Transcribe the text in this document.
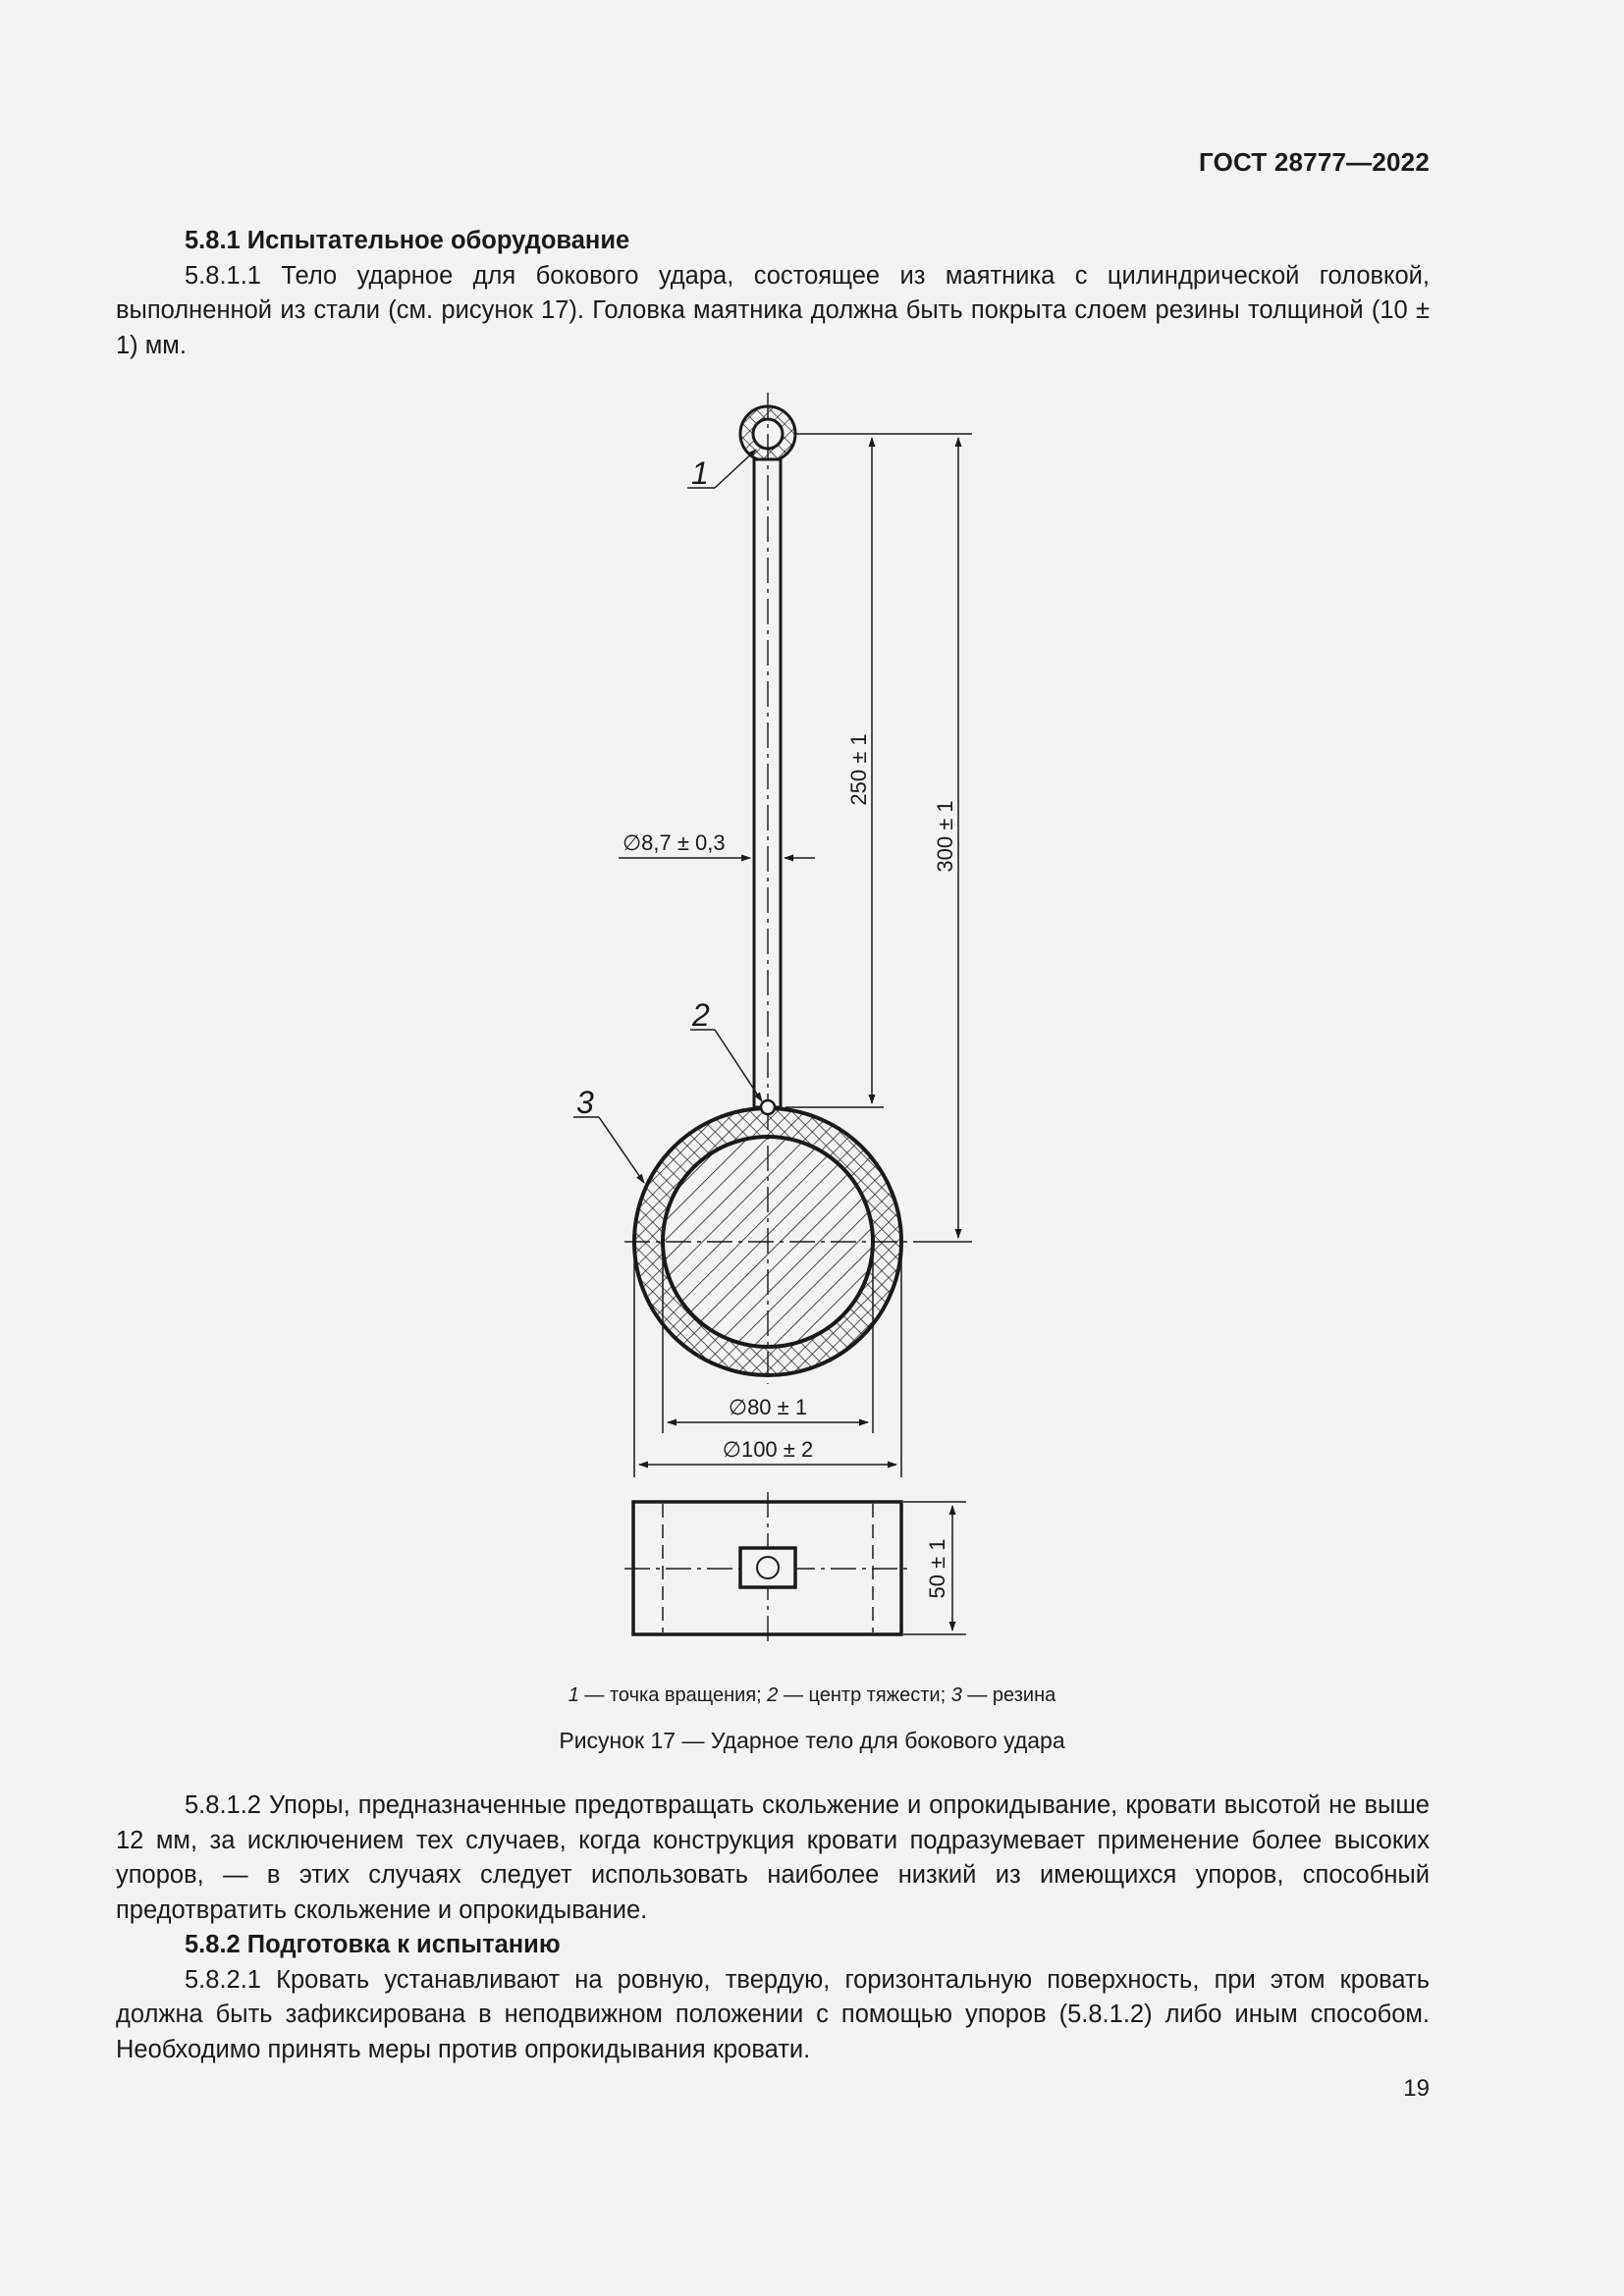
ГОСТ 28777—2022

5.8.1 Испытательное оборудование

5.8.1.1 Тело ударное для бокового удара, состоящее из маятника с цилиндрической головкой, выполненной из стали (см. рисунок 17). Головка маятника должна быть покрыта слоем резины толщиной (10 ± 1) мм.

250 ± 1
300 ± 1
∅8,7 ± 0,3
∅80 ± 1
∅100 ± 2
50 ± 1
1
2
3
1 — точка вращения; 2 — центр тяжести; 3 — резина
Рисунок 17 — Ударное тело для бокового удара

5.8.1.2 Упоры, предназначенные предотвращать скольжение и опрокидывание, кровати высотой не выше 12 мм, за исключением тех случаев, когда конструкция кровати подразумевает применение более высоких упоров, — в этих случаях следует использовать наиболее низкий из имеющихся упоров, способный предотвратить скольжение и опрокидывание.

5.8.2 Подготовка к испытанию

5.8.2.1 Кровать устанавливают на ровную, твердую, горизонтальную поверхность, при этом кровать должна быть зафиксирована в неподвижном положении с помощью упоров (5.8.1.2) либо иным способом. Необходимо принять меры против опрокидывания кровати.

19
